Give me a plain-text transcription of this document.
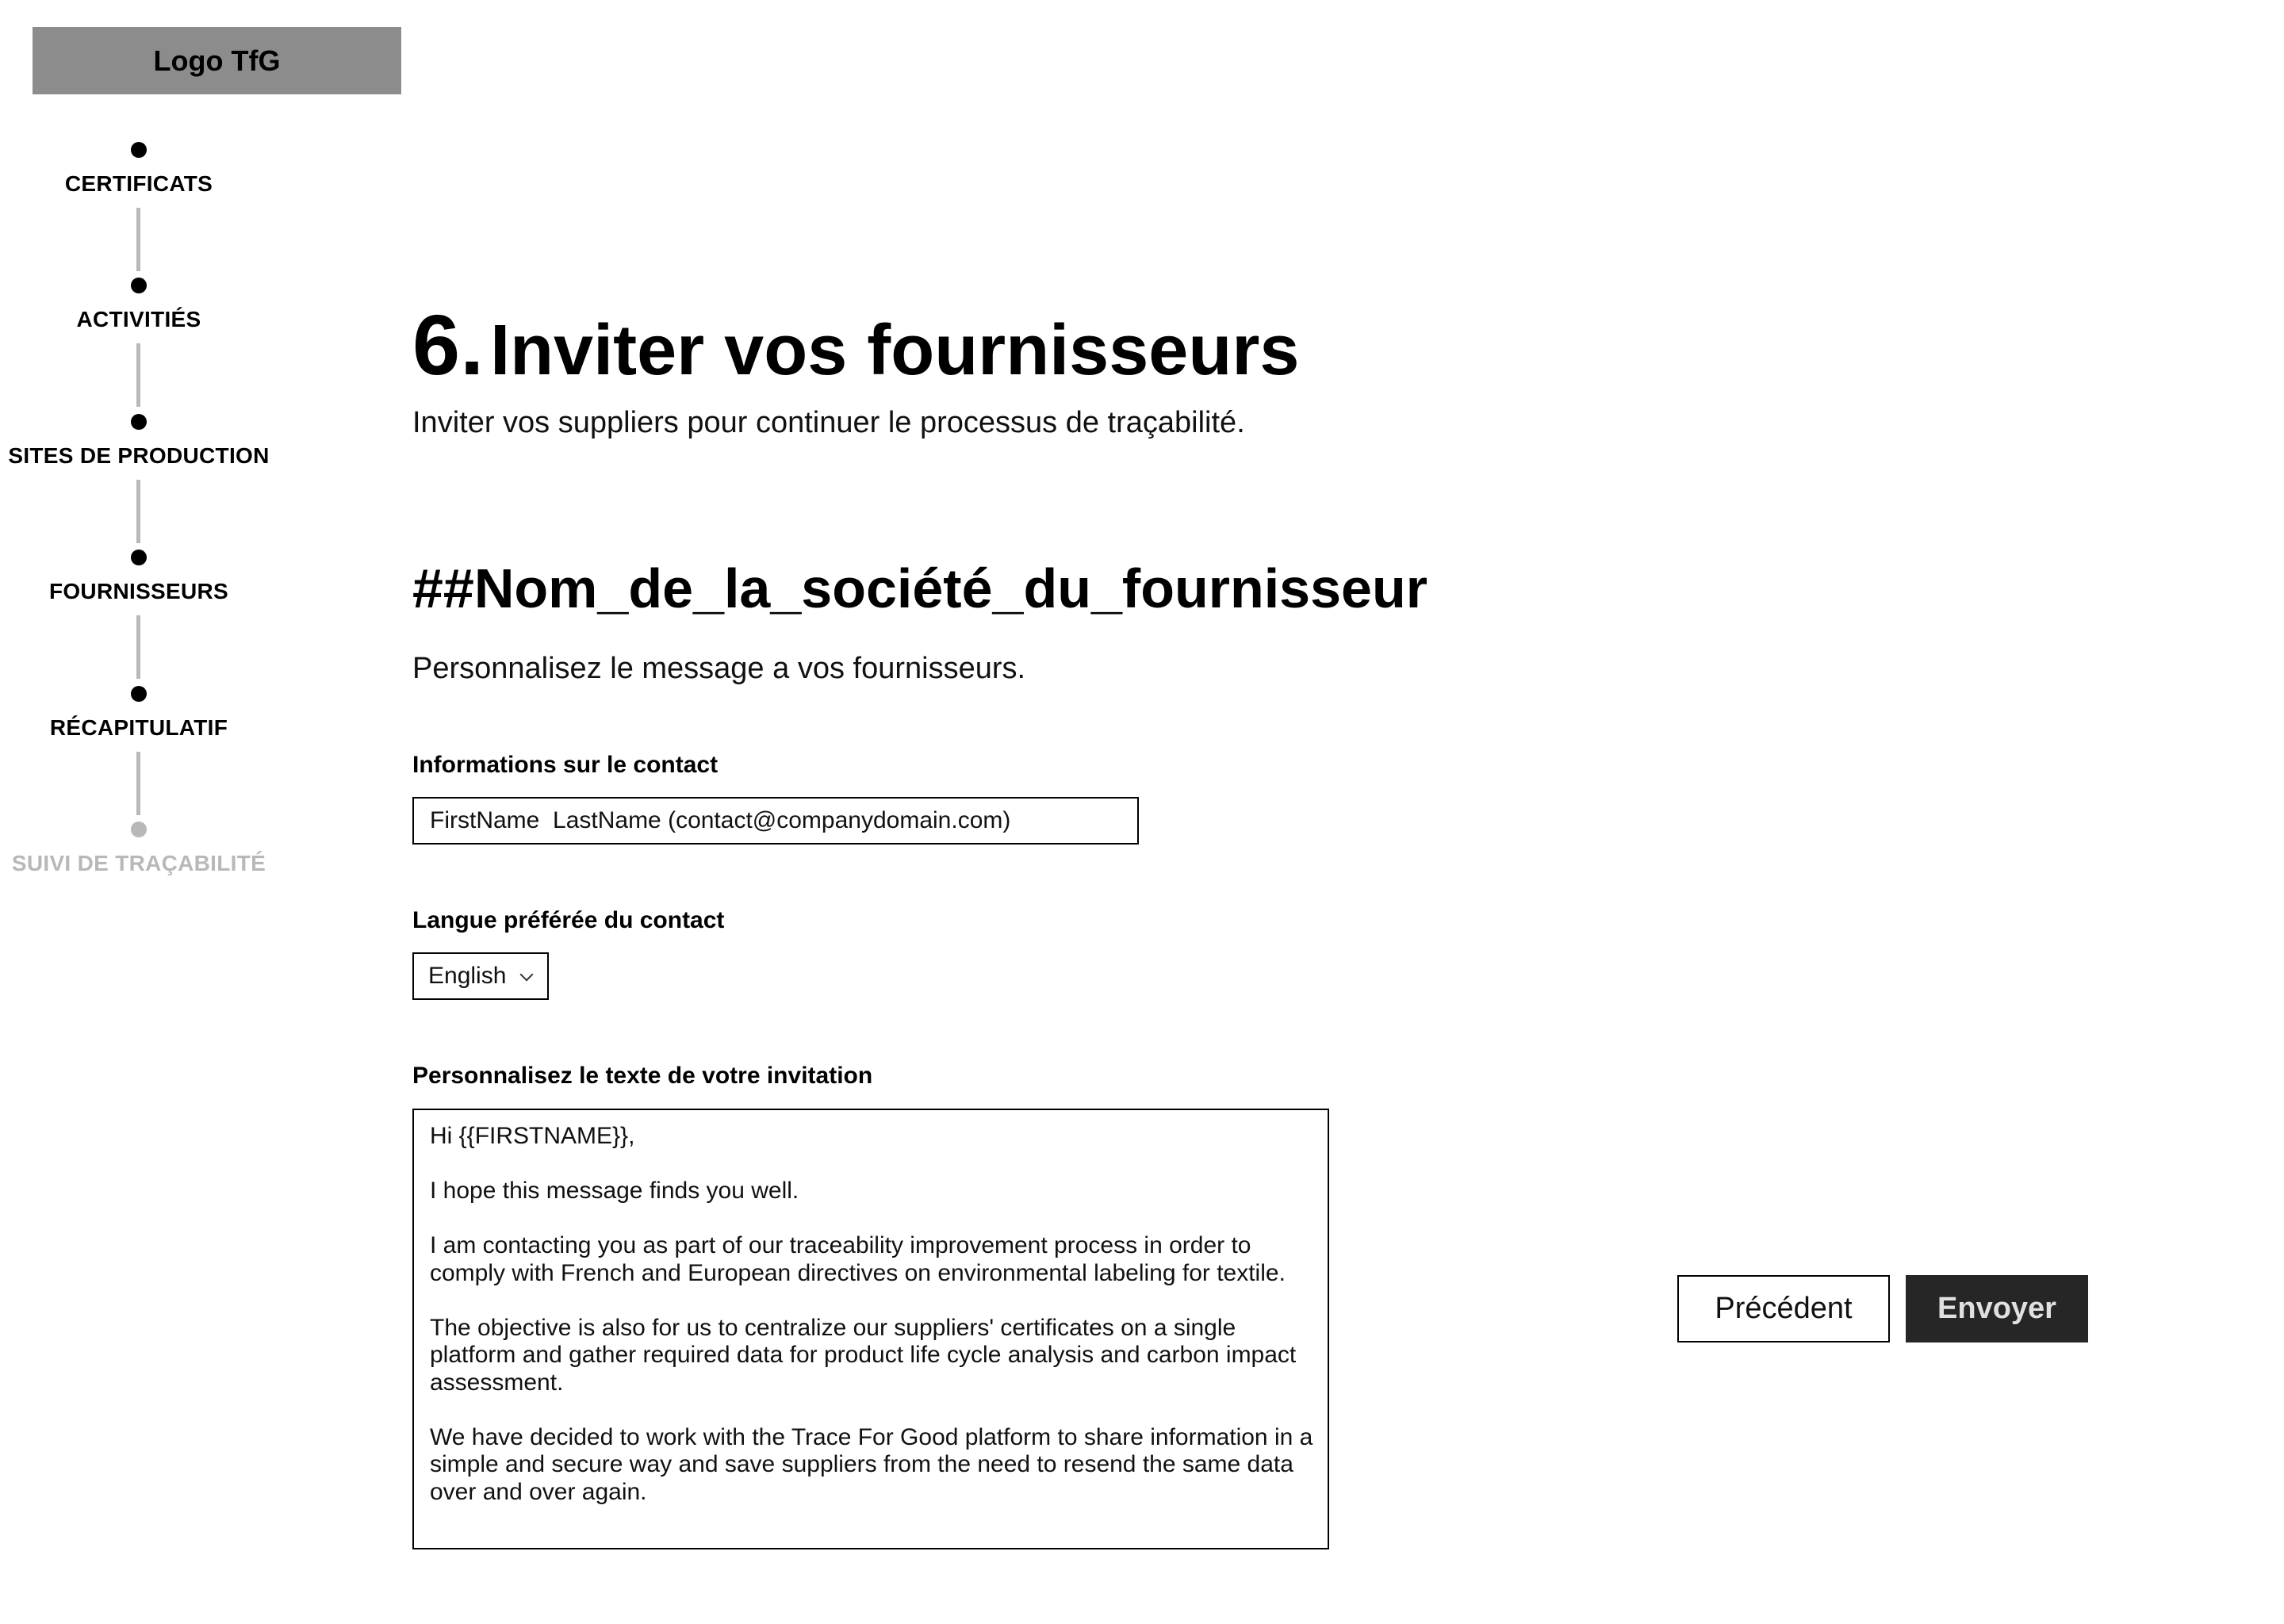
Logo TfG
CERTIFICATS
ACTIVITIÉS
SITES DE PRODUCTION
FOURNISSEURS
RÉCAPITULATIF
SUIVI DE TRAÇABILITÉ
6.Inviter vos fournisseurs
Inviter vos suppliers pour continuer le processus de traçabilité.
##Nom_de_la_société_du_fournisseur
Personnalisez le message a vos fournisseurs.
Informations sur le contact
FirstName LastName (contact@companydomain.com)
Langue préférée du contact
English
Personnalisez le texte de votre invitation

Hi {{FIRSTNAME}},

I hope this message finds you well.

I am contacting you as part of our traceability improvement process in order to comply with French and European directives on environmental labeling for textile.

The objective is also for us to centralize our suppliers' certificates on a single platform and gather required data for product life cycle analysis and carbon impact assessment.

We have decided to work with the Trace For Good platform to share information in a simple and secure way and save suppliers from the need to resend the same data over and over again.

Précédent	Envoyer
